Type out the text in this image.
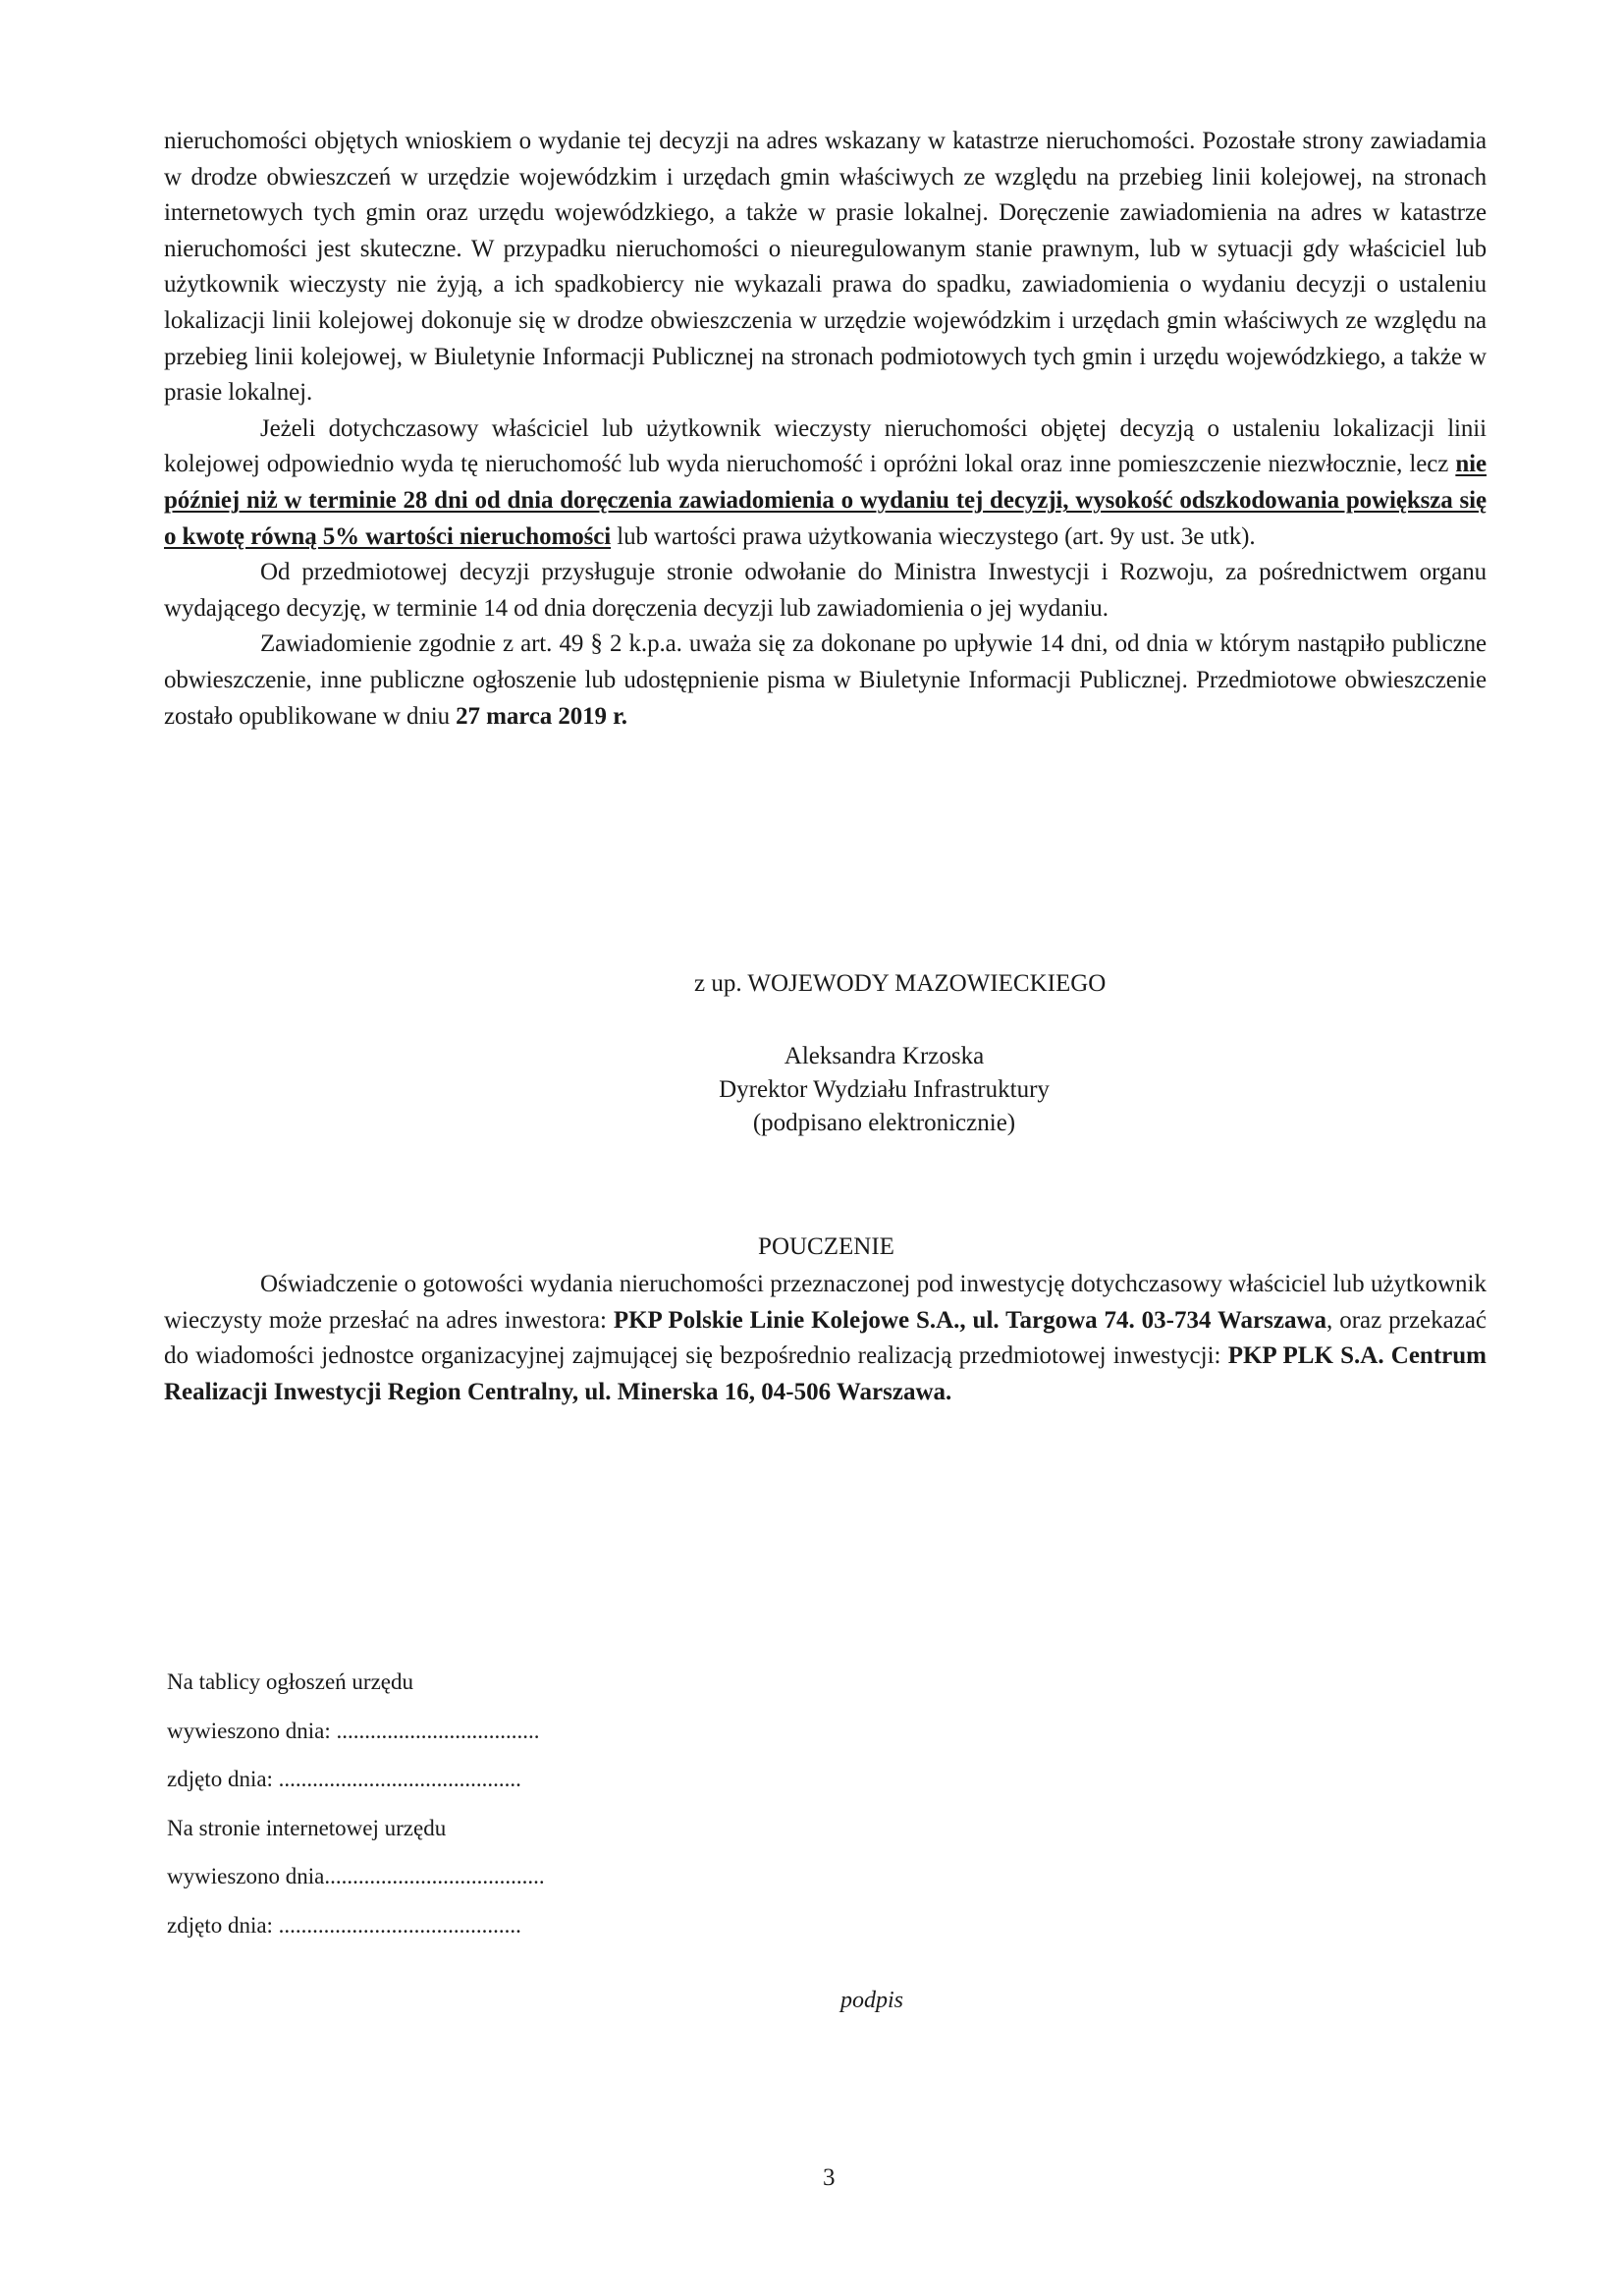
nieruchomości objętych wnioskiem o wydanie tej decyzji na adres wskazany w katastrze nieruchomości. Pozostałe strony zawiadamia w drodze obwieszczeń w urzędzie wojewódzkim i urzędach gmin właściwych ze względu na przebieg linii kolejowej, na stronach internetowych tych gmin oraz urzędu wojewódzkiego, a także w prasie lokalnej. Doręczenie zawiadomienia na adres w katastrze nieruchomości jest skuteczne. W przypadku nieruchomości o nieuregulowanym stanie prawnym, lub w sytuacji gdy właściciel lub użytkownik wieczysty nie żyją, a ich spadkobiercy nie wykazali prawa do spadku, zawiadomienia o wydaniu decyzji o ustaleniu lokalizacji linii kolejowej dokonuje się w drodze obwieszczenia w urzędzie wojewódzkim i urzędach gmin właściwych ze względu na przebieg linii kolejowej, w Biuletynie Informacji Publicznej na stronach podmiotowych tych gmin i urzędu wojewódzkiego, a także w prasie lokalnej.

Jeżeli dotychczasowy właściciel lub użytkownik wieczysty nieruchomości objętej decyzją o ustaleniu lokalizacji linii kolejowej odpowiednio wyda tę nieruchomość lub wyda nieruchomość i opróżni lokal oraz inne pomieszczenie niezwłocznie, lecz nie później niż w terminie 28 dni od dnia doręczenia zawiadomienia o wydaniu tej decyzji, wysokość odszkodowania powiększa się o kwotę równą 5% wartości nieruchomości lub wartości prawa użytkowania wieczystego (art. 9y ust. 3e utk).

Od przedmiotowej decyzji przysługuje stronie odwołanie do Ministra Inwestycji i Rozwoju, za pośrednictwem organu wydającego decyzję, w terminie 14 od dnia doręczenia decyzji lub zawiadomienia o jej wydaniu.

Zawiadomienie zgodnie z art. 49 § 2 k.p.a. uważa się za dokonane po upływie 14 dni, od dnia w którym nastąpiło publiczne obwieszczenie, inne publiczne ogłoszenie lub udostępnienie pisma w Biuletynie Informacji Publicznej. Przedmiotowe obwieszczenie zostało opublikowane w dniu 27 marca 2019 r.

z up. WOJEWODY MAZOWIECKIEGO
Aleksandra Krzoska
Dyrektor Wydziału Infrastruktury
(podpisano elektronicznie)
POUCZENIE

Oświadczenie o gotowości wydania nieruchomości przeznaczonej pod inwestycję dotychczasowy właściciel lub użytkownik wieczysty może przesłać na adres inwestora: PKP Polskie Linie Kolejowe S.A., ul. Targowa 74. 03-734 Warszawa, oraz przekazać do wiadomości jednostce organizacyjnej zajmującej się bezpośrednio realizacją przedmiotowej inwestycji: PKP PLK S.A. Centrum Realizacji Inwestycji Region Centralny, ul. Minerska 16, 04-506 Warszawa.

Na tablicy ogłoszeń urzędu
wywieszono dnia: ....................................
zdjęto dnia: ...........................................
Na stronie internetowej urzędu
wywieszono dnia.......................................
zdjęto dnia: ...........................................
podpis
3
